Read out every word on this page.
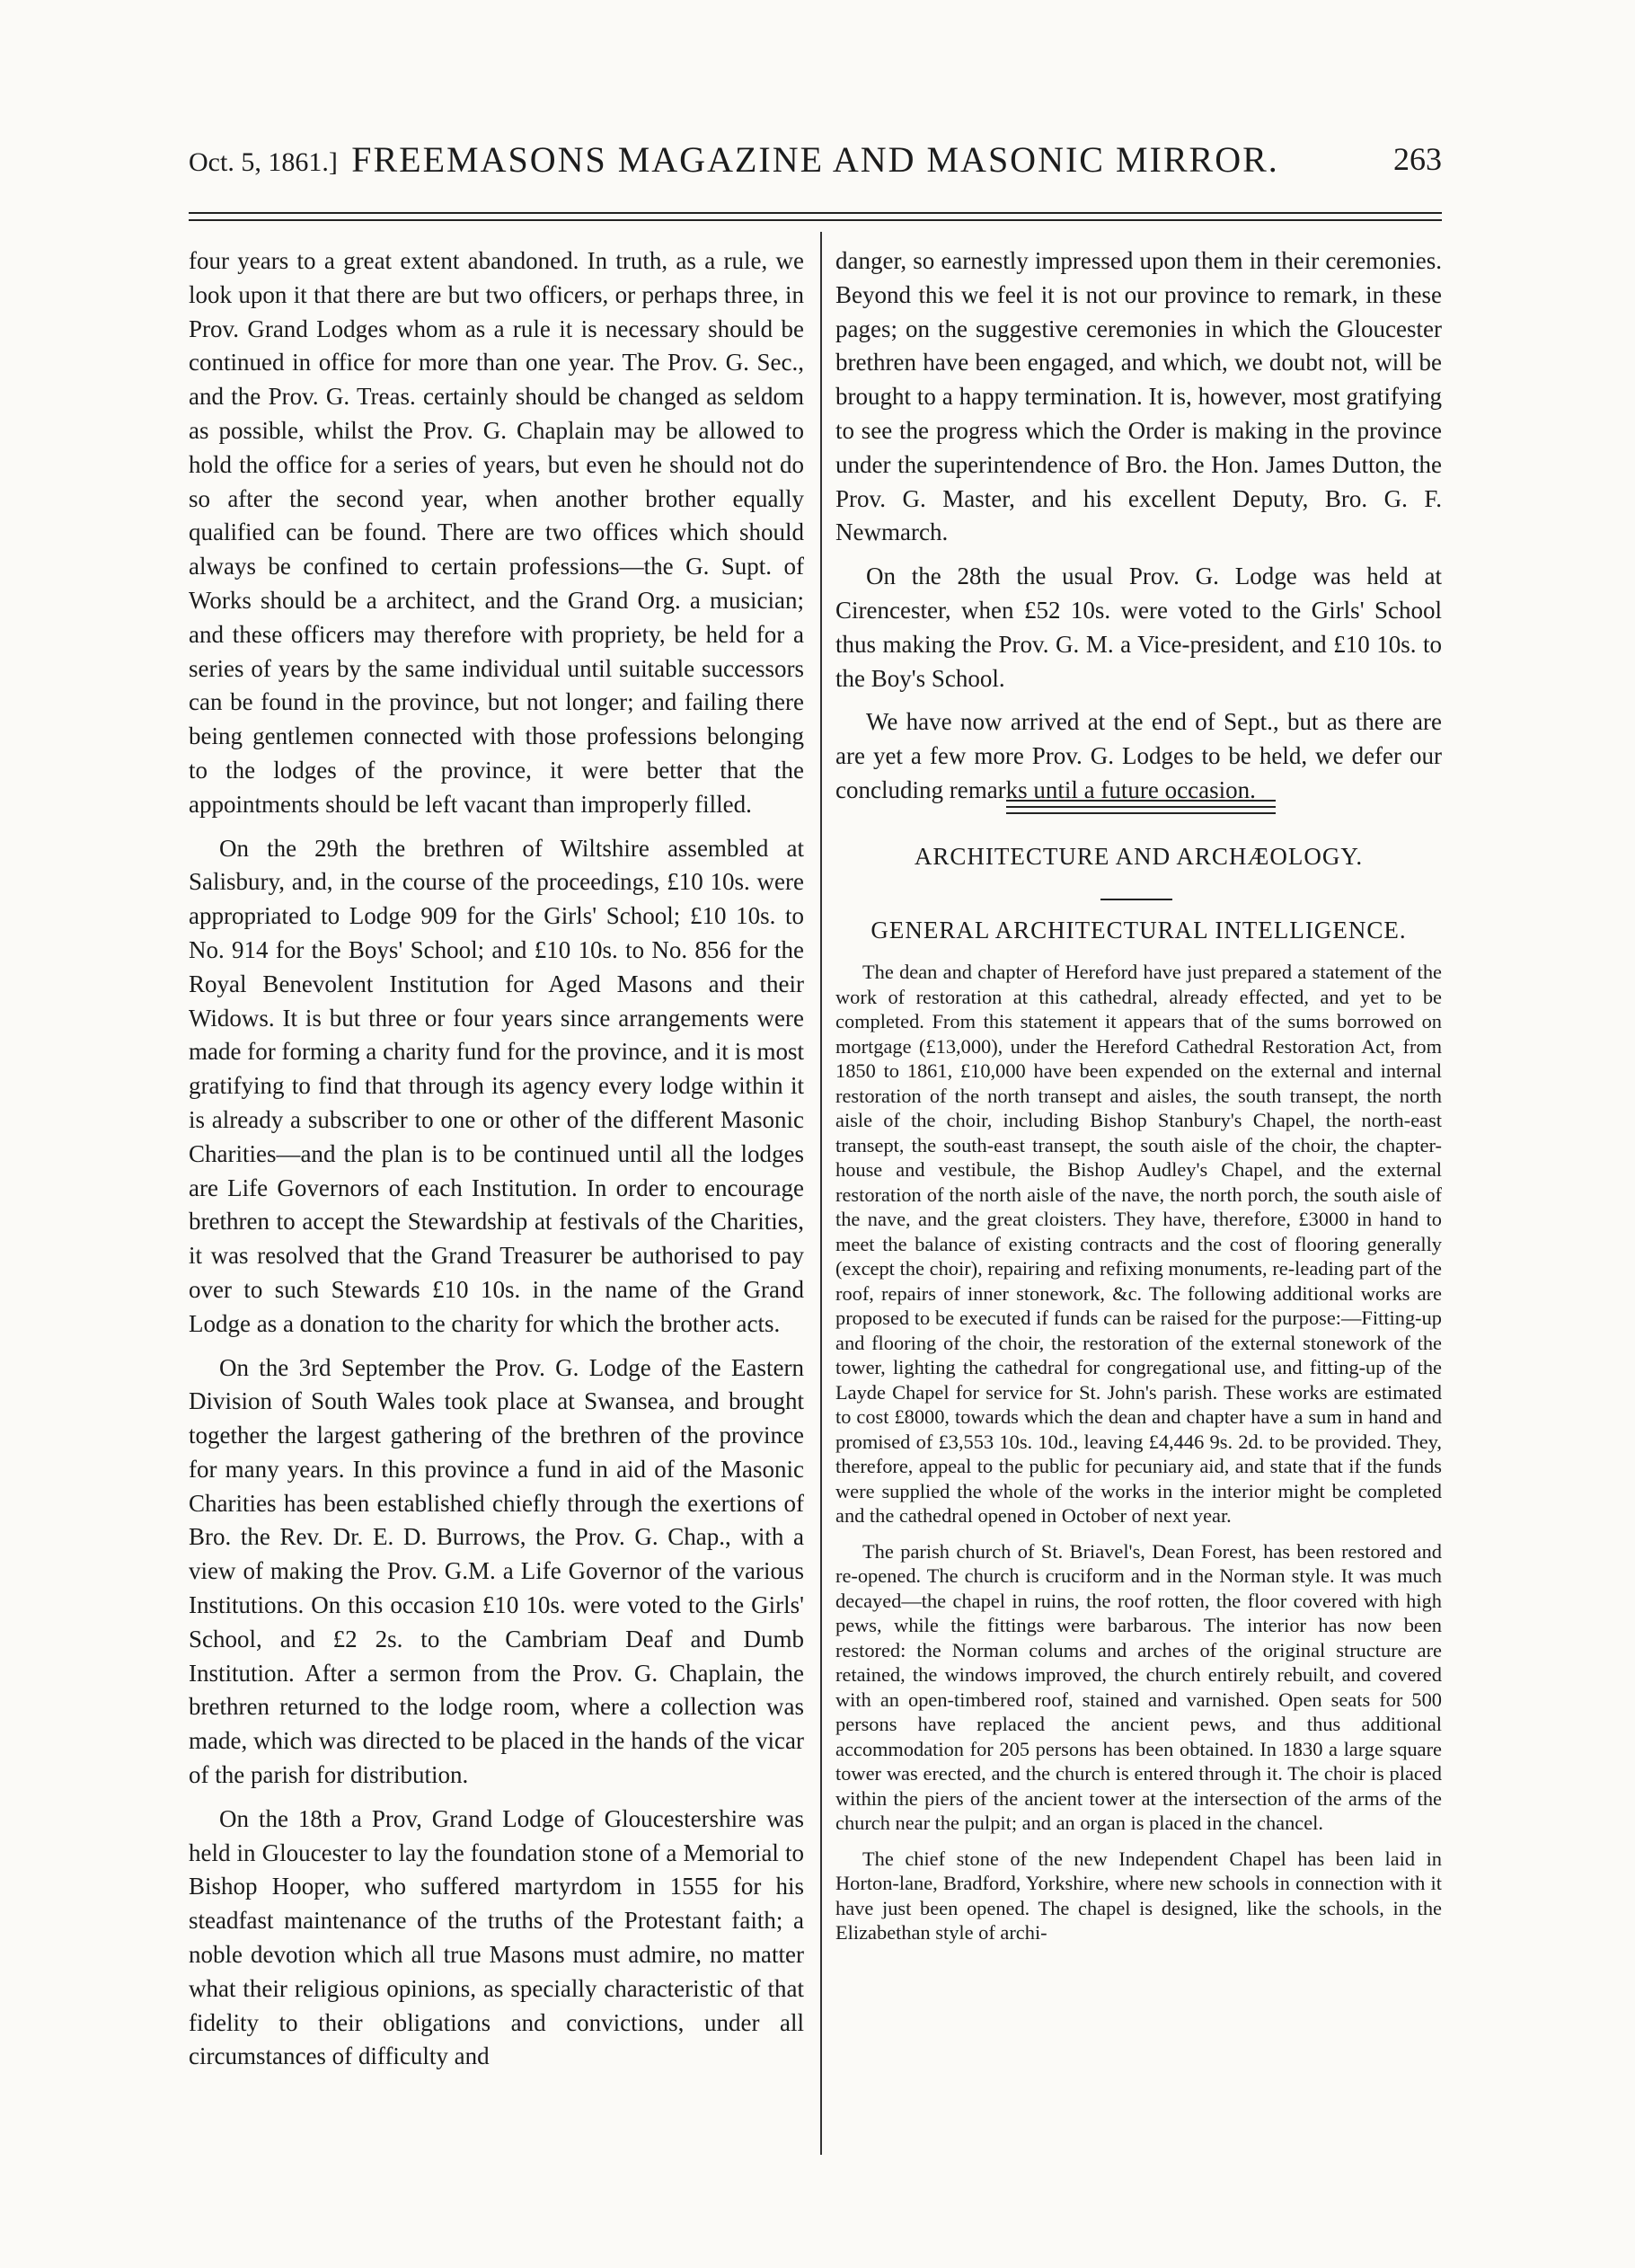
Oct. 5, 1861.] FREEMASONS MAGAZINE AND MASONIC MIRROR.	263

four years to a great extent abandoned. In truth, as a rule, we look upon it that there are but two officers, or perhaps three, in Prov. Grand Lodges whom as a rule it is necessary should be continued in office for more than one year. The Prov. G. Sec., and the Prov. G. Treas. certainly should be changed as seldom as possible, whilst the Prov. G. Chaplain may be allowed to hold the office for a series of years, but even he should not do so after the second year, when another brother equally qualified can be found. There are two offices which should always be confined to certain professions—the G. Supt. of Works should be a architect, and the Grand Org. a musician; and these officers may therefore with propriety, be held for a series of years by the same individual until suitable successors can be found in the province, but not longer; and failing there being gentlemen connected with those professions belonging to the lodges of the province, it were better that the appointments should be left vacant than improperly filled.

On the 29th the brethren of Wiltshire assembled at Salisbury, and, in the course of the proceedings, £10 10s. were appropriated to Lodge 909 for the Girls' School; £10 10s. to No. 914 for the Boys' School; and £10 10s. to No. 856 for the Royal Benevolent Institution for Aged Masons and their Widows. It is but three or four years since arrangements were made for forming a charity fund for the province, and it is most gratifying to find that through its agency every lodge within it is already a subscriber to one or other of the different Masonic Charities—and the plan is to be continued until all the lodges are Life Governors of each Institution. In order to encourage brethren to accept the Stewardship at festivals of the Charities, it was resolved that the Grand Treasurer be authorised to pay over to such Stewards £10 10s. in the name of the Grand Lodge as a donation to the charity for which the brother acts.

On the 3rd September the Prov. G. Lodge of the Eastern Division of South Wales took place at Swansea, and brought together the largest gathering of the brethren of the province for many years. In this province a fund in aid of the Masonic Charities has been established chiefly through the exertions of Bro. the Rev. Dr. E. D. Burrows, the Prov. G. Chap., with a view of making the Prov. G.M. a Life Governor of the various Institutions. On this occasion £10 10s. were voted to the Girls' School, and £2 2s. to the Cambriam Deaf and Dumb Institution. After a sermon from the Prov. G. Chaplain, the brethren returned to the lodge room, where a collection was made, which was directed to be placed in the hands of the vicar of the parish for distribution.

On the 18th a Prov, Grand Lodge of Gloucestershire was held in Gloucester to lay the foundation stone of a Memorial to Bishop Hooper, who suffered martyrdom in 1555 for his steadfast maintenance of the truths of the Protestant faith; a noble devotion which all true Masons must admire, no matter what their religious opinions, as specially characteristic of that fidelity to their obligations and convictions, under all circumstances of difficulty and

danger, so earnestly impressed upon them in their ceremonies. Beyond this we feel it is not our province to remark, in these pages; on the suggestive ceremonies in which the Gloucester brethren have been engaged, and which, we doubt not, will be brought to a happy termination. It is, however, most gratifying to see the progress which the Order is making in the province under the superintendence of Bro. the Hon. James Dutton, the Prov. G. Master, and his excellent Deputy, Bro. G. F. Newmarch.

On the 28th the usual Prov. G. Lodge was held at Cirencester, when £52 10s. were voted to the Girls' School thus making the Prov. G. M. a Vice-president, and £10 10s. to the Boy's School.

We have now arrived at the end of Sept., but as there are are yet a few more Prov. G. Lodges to be held, we defer our concluding remarks until a future occasion.

ARCHITECTURE AND ARCHÆOLOGY.
GENERAL ARCHITECTURAL INTELLIGENCE.

The dean and chapter of Hereford have just prepared a statement of the work of restoration at this cathedral, already effected, and yet to be completed. From this statement it appears that of the sums borrowed on mortgage (£13,000), under the Hereford Cathedral Restoration Act, from 1850 to 1861, £10,000 have been expended on the external and internal restoration of the north transept and aisles, the south transept, the north aisle of the choir, including Bishop Stanbury's Chapel, the north-east transept, the south-east transept, the south aisle of the choir, the chapter-house and vestibule, the Bishop Audley's Chapel, and the external restoration of the north aisle of the nave, the north porch, the south aisle of the nave, and the great cloisters. They have, therefore, £3000 in hand to meet the balance of existing contracts and the cost of flooring generally (except the choir), repairing and refixing monuments, re-leading part of the roof, repairs of inner stonework, &c. The following additional works are proposed to be executed if funds can be raised for the purpose:—Fitting-up and flooring of the choir, the restoration of the external stonework of the tower, lighting the cathedral for congregational use, and fitting-up of the Layde Chapel for service for St. John's parish. These works are estimated to cost £8000, towards which the dean and chapter have a sum in hand and promised of £3,553 10s. 10d., leaving £4,446 9s. 2d. to be provided. They, therefore, appeal to the public for pecuniary aid, and state that if the funds were supplied the whole of the works in the interior might be completed and the cathedral opened in October of next year.

The parish church of St. Briavel's, Dean Forest, has been restored and re-opened. The church is cruciform and in the Norman style. It was much decayed—the chapel in ruins, the roof rotten, the floor covered with high pews, while the fittings were barbarous. The interior has now been restored: the Norman colums and arches of the original structure are retained, the windows improved, the church entirely rebuilt, and covered with an open-timbered roof, stained and varnished. Open seats for 500 persons have replaced the ancient pews, and thus additional accommodation for 205 persons has been obtained. In 1830 a large square tower was erected, and the church is entered through it. The choir is placed within the piers of the ancient tower at the intersection of the arms of the church near the pulpit; and an organ is placed in the chancel.

The chief stone of the new Independent Chapel has been laid in Horton-lane, Bradford, Yorkshire, where new schools in connection with it have just been opened. The chapel is designed, like the schools, in the Elizabethan style of archi-
